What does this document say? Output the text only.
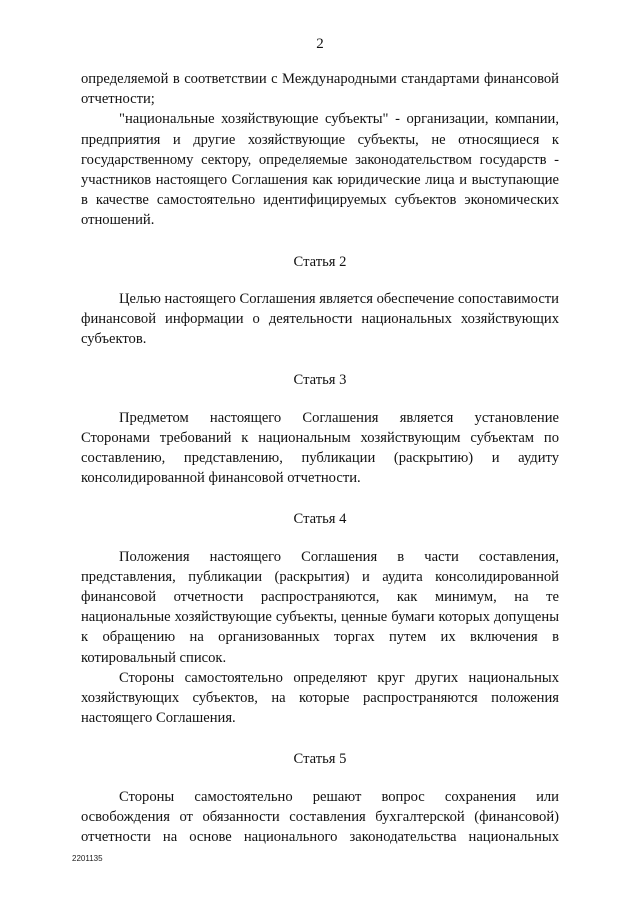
2

определяемой в соответствии с Международными стандартами финансовой отчетности;

"национальные хозяйствующие субъекты" - организации, компании, предприятия и другие хозяйствующие субъекты, не относящиеся к государственному сектору, определяемые законодательством государств - участников настоящего Соглашения как юридические лица и выступающие в качестве самостоятельно идентифицируемых субъектов экономических отношений.

Статья 2

Целью настоящего Соглашения является обеспечение сопоставимости финансовой информации о деятельности национальных хозяйствующих субъектов.

Статья 3

Предметом настоящего Соглашения является установление Сторонами требований к национальным хозяйствующим субъектам по составлению, представлению, публикации (раскрытию) и аудиту консолидированной финансовой отчетности.

Статья 4

Положения настоящего Соглашения в части составления, представления, публикации (раскрытия) и аудита консолидированной финансовой отчетности распространяются, как минимум, на те национальные хозяйствующие субъекты, ценные бумаги которых допущены к обращению на организованных торгах путем их включения в котировальный список.

Стороны самостоятельно определяют круг других национальных хозяйствующих субъектов, на которые распространяются положения настоящего Соглашения.

Статья 5

Стороны самостоятельно решают вопрос сохранения или освобождения от обязанности составления бухгалтерской (финансовой) отчетности на основе национального законодательства национальных

2201135
